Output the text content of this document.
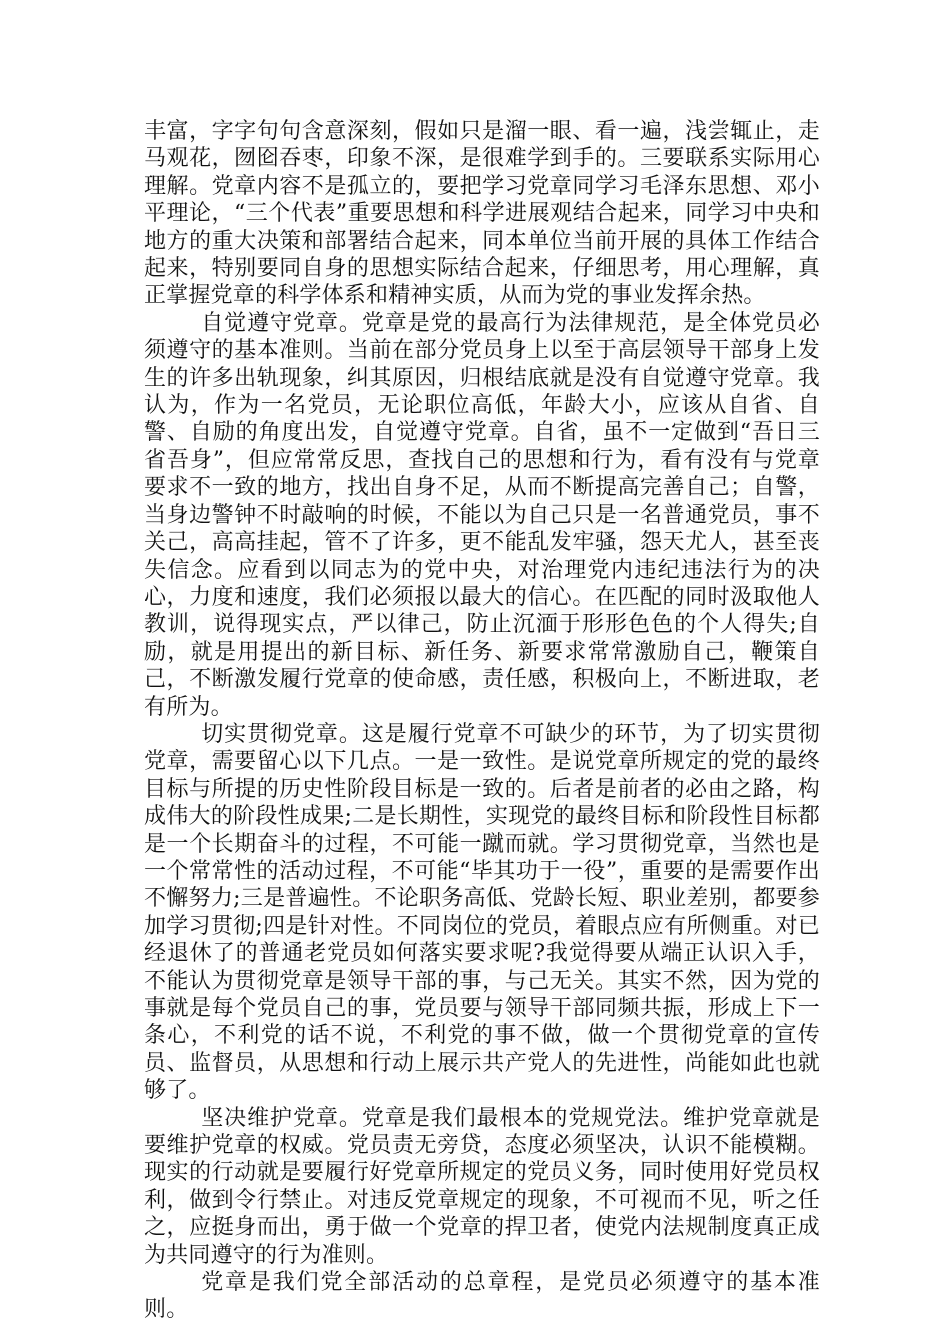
丰富，字字句句含意深刻，假如只是溜一眼、看一遍，浅尝辄止，走马观花，囫囵吞枣，印象不深，是很难学到手的。三要联系实际用心理解。党章内容不是孤立的，要把学习党章同学习毛泽东思想、邓小平理论，“三个代表”重要思想和科学进展观结合起来，同学习中央和地方的重大决策和部署结合起来，同本单位当前开展的具体工作结合起来，特别要同自身的思想实际结合起来，仔细思考，用心理解，真正掌握党章的科学体系和精神实质，从而为党的事业发挥余热。

自觉遵守党章。党章是党的最高行为法律规范，是全体党员必须遵守的基本准则。当前在部分党员身上以至于高层领导干部身上发生的许多出轨现象，纠其原因，归根结底就是没有自觉遵守党章。我认为，作为一名党员，无论职位高低，年龄大小，应该从自省、自警、自励的角度出发，自觉遵守党章。自省，虽不一定做到“吾日三省吾身”，但应常常反思，查找自己的思想和行为，看有没有与党章要求不一致的地方，找出自身不足，从而不断提高完善自己；自警，当身边警钟不时敲响的时候，不能以为自己只是一名普通党员，事不关己，高高挂起，管不了许多，更不能乱发牢骚，怨天尤人，甚至丧失信念。应看到以同志为的党中央，对治理党内违纪违法行为的决心，力度和速度，我们必须报以最大的信心。在匹配的同时汲取他人教训，说得现实点，严以律己，防止沉湎于形形色色的个人得失;自励，就是用提出的新目标、新任务、新要求常常激励自己，鞭策自己，不断激发履行党章的使命感，责任感，积极向上，不断进取，老有所为。

切实贯彻党章。这是履行党章不可缺少的环节，为了切实贯彻党章，需要留心以下几点。一是一致性。是说党章所规定的党的最终目标与所提的历史性阶段目标是一致的。后者是前者的必由之路，构成伟大的阶段性成果;二是长期性，实现党的最终目标和阶段性目标都是一个长期奋斗的过程，不可能一蹴而就。学习贯彻党章，当然也是一个常常性的活动过程，不可能“毕其功于一役”，重要的是需要作出不懈努力;三是普遍性。不论职务高低、党龄长短、职业差别，都要参加学习贯彻;四是针对性。不同岗位的党员，着眼点应有所侧重。对已经退休了的普通老党员如何落实要求呢?我觉得要从端正认识入手，不能认为贯彻党章是领导干部的事，与己无关。其实不然，因为党的事就是每个党员自己的事，党员要与领导干部同频共振，形成上下一条心，不利党的话不说，不利党的事不做，做一个贯彻党章的宣传员、监督员，从思想和行动上展示共产党人的先进性，尚能如此也就够了。

坚决维护党章。党章是我们最根本的党规党法。维护党章就是要维护党章的权威。党员责无旁贷，态度必须坚决，认识不能模糊。现实的行动就是要履行好党章所规定的党员义务，同时使用好党员权利，做到令行禁止。对违反党章规定的现象，不可视而不见，听之任之，应挺身而出，勇于做一个党章的捍卫者，使党内法规制度真正成为共同遵守的行为准则。

党章是我们党全部活动的总章程，是党员必须遵守的基本准则。
